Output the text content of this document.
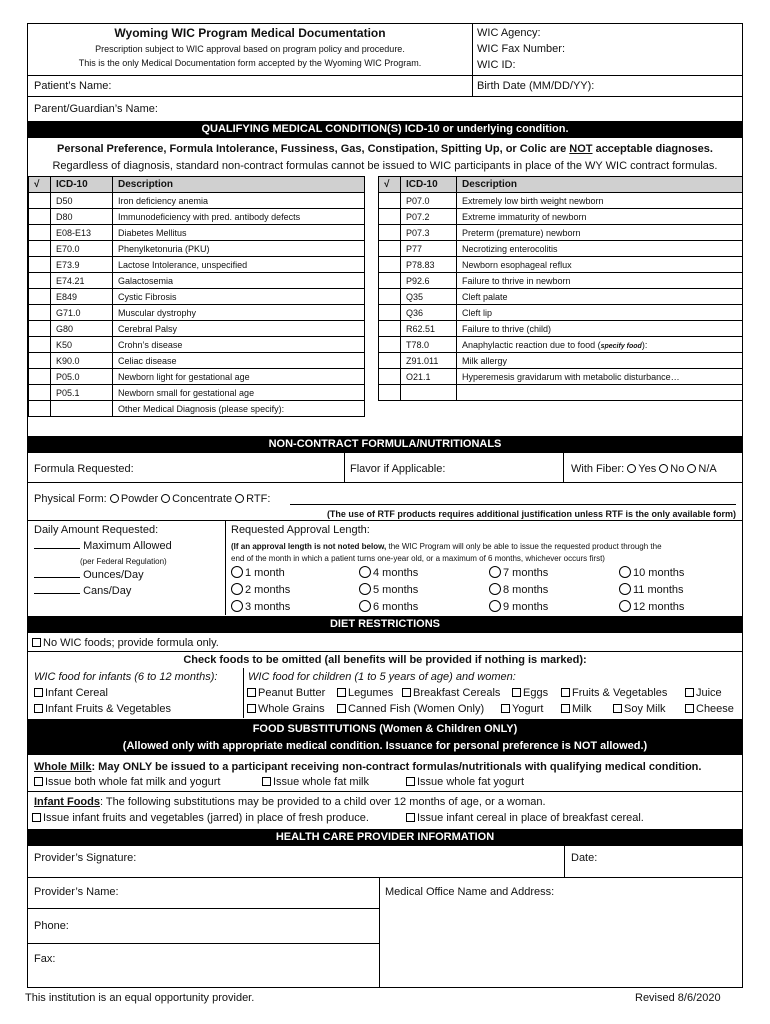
Wyoming WIC Program Medical Documentation
Prescription subject to WIC approval based on program policy and procedure.
This is the only Medical Documentation form accepted by the Wyoming WIC Program.
WIC Agency:
WIC Fax Number:
WIC ID:
Patient’s Name:	Birth Date (MM/DD/YY):
Parent/Guardian’s Name:
QUALIFYING MEDICAL CONDITION(S) ICD-10 or underlying condition.
Personal Preference, Formula Intolerance, Fussiness, Gas, Constipation, Spitting Up, or Colic are NOT acceptable diagnoses.
Regardless of diagnosis, standard non-contract formulas cannot be issued to WIC participants in place of the WY WIC contract formulas.
√	ICD-10	Description
	D50	Iron deficiency anemia
	D80	Immunodeficiency with pred. antibody defects
	E08-E13	Diabetes Mellitus
	E70.0	Phenylketonuria (PKU)
	E73.9	Lactose Intolerance, unspecified
	E74.21	Galactosemia
	E849	Cystic Fibrosis
	G71.0	Muscular dystrophy
	G80	Cerebral Palsy
	K50	Crohn’s disease
	K90.0	Celiac disease
	P05.0	Newborn light for gestational age
	P05.1	Newborn small for gestational age
		Other Medical Diagnosis (please specify):
√	ICD-10	Description
	P07.0	Extremely low birth weight newborn
	P07.2	Extreme immaturity of newborn
	P07.3	Preterm (premature) newborn
	P77	Necrotizing enterocolitis
	P78.83	Newborn esophageal reflux
	P92.6	Failure to thrive in newborn
	Q35	Cleft palate
	Q36	Cleft lip
	R62.51	Failure to thrive (child)
	T78.0	Anaphylactic reaction due to food (specify food):
	Z91.011	Milk allergy
	O21.1	Hyperemesis gravidarum with metabolic disturbance…

NON-CONTRACT FORMULA/NUTRITIONALS
Formula Requested:	Flavor if Applicable:	With Fiber: Yes No N/A
Physical Form: Powder Concentrate RTF:
(The use of RTF products requires additional justification unless RTF is the only available form)
Daily Amount Requested:
Maximum Allowed
(per Federal Regulation)
Ounces/Day
Cans/Day
Requested Approval Length:
(If an approval length is not noted below, the WIC Program will only be able to issue the requested product through the
end of the month in which a patient turns one-year old, or a maximum of 6 months, whichever occurs first)
1 month	4 months	7 months	10 months
2 months	5 months	8 months	11 months
3 months	6 months	9 months	12 months
DIET RESTRICTIONS
No WIC foods; provide formula only.
Check foods to be omitted (all benefits will be provided if nothing is marked):
WIC food for infants (6 to 12 months):	WIC food for children (1 to 5 years of age) and women:
Infant Cereal
Infant Fruits & Vegetables
Peanut Butter	Legumes	Breakfast Cereals	Eggs	Fruits & Vegetables	Juice
Whole Grains	Canned Fish (Women Only)	Yogurt	Milk	Soy Milk	Cheese
FOOD SUBSTITUTIONS (Women & Children ONLY)
(Allowed only with appropriate medical condition. Issuance for personal preference is NOT allowed.)
Whole Milk: May ONLY be issued to a participant receiving non-contract formulas/nutritionals with qualifying medical condition.
Issue both whole fat milk and yogurt	Issue whole fat milk	Issue whole fat yogurt
Infant Foods: The following substitutions may be provided to a child over 12 months of age, or a woman.
Issue infant fruits and vegetables (jarred) in place of fresh produce.	Issue infant cereal in place of breakfast cereal.
HEALTH CARE PROVIDER INFORMATION
Provider’s Signature:	Date:
Provider’s Name:	Medical Office Name and Address:
Phone:
Fax:
This institution is an equal opportunity provider.	Revised 8/6/2020
